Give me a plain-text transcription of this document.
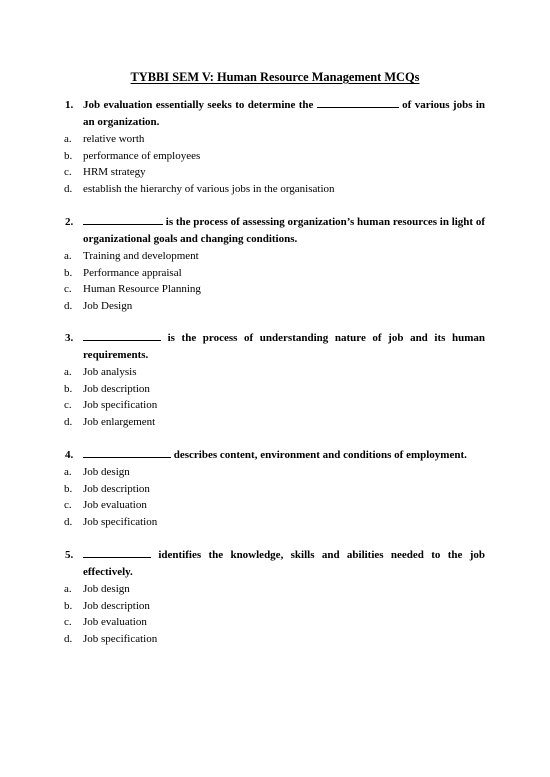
TYBBI SEM V: Human Resource Management MCQs
1. Job evaluation essentially seeks to determine the	of various jobs in an organization.
a.	relative worth
b. performance of employees
c.	HRM strategy
d. establish the hierarchy of various jobs in the organisation
2.	is the process of assessing organization’s human resources in light of organizational goals and changing conditions.
a.	Training and development
b. Performance appraisal
c.	Human Resource Planning
d. Job Design
3.	is the process of understanding nature of job and its human requirements.
a.	Job analysis
b. Job description
c.	Job specification
d. Job enlargement
4.	describes content, environment and conditions of employment.
a.	Job design
b. Job description
c.	Job evaluation
d. Job specification
5.	identifies the knowledge, skills and abilities needed to the job effectively.
a.	Job design
b. Job description
c.	Job evaluation
d. Job specification
